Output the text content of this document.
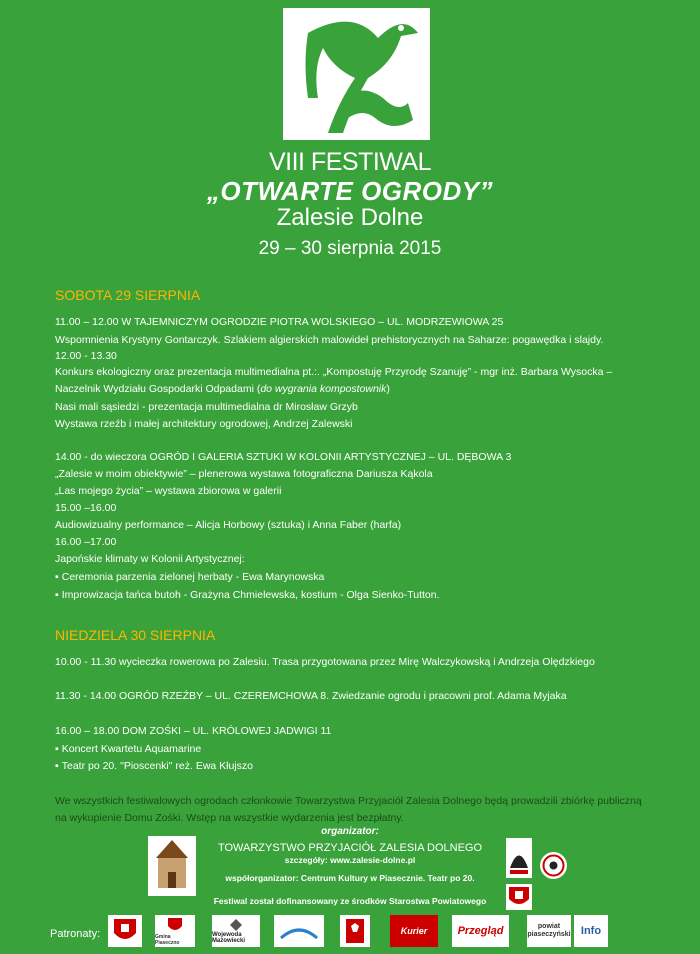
VIII FESTIWAL
„OTWARTE OGRODY”
Zalesie Dolne
29 – 30 sierpnia 2015
SOBOTA 29 SIERPNIA
11.00 – 12.00 W TAJEMNICZYM OGRODZIE PIOTRA WOLSKIEGO – UL. MODRZEWIOWA 25
Wspomnienia Krystyny Gontarczyk. Szlakiem algierskich malowideł prehistorycznych na Saharze: pogawędka i slajdy.
12.00 - 13.30
Konkurs ekologiczny oraz prezentacja multimedialna pt.:. „Kompostuję Przyrodę Szanuję” - mgr inż. Barbara Wysocka –
Naczelnik Wydziału Gospodarki Odpadami (do wygrania kompostownik)
Nasi mali sąsiedzi - prezentacja multimedialna dr Mirosław Grzyb
Wystawa rzeźb i małej architektury ogrodowej, Andrzej Zalewski
14.00 - do wieczora OGRÓD I GALERIA SZTUKI W KOLONII ARTYSTYCZNEJ – UL. DĘBOWA 3
„Zalesie w moim obiektywie” – plenerowa wystawa fotograficzna Dariusza Kąkola
„Las mojego życia” – wystawa zbiorowa w galerii
15.00 –16.00
Audiowizualny performance – Alicja Horbowy (sztuka) i Anna Faber (harfa)
16.00 –17.00
Japońskie klimaty w Kolonii Artystycznej:
▪ Ceremonia parzenia zielonej herbaty - Ewa Marynowska
▪ Improwizacja tańca butoh - Grażyna Chmielewska, kostium - Olga Sienko-Tutton.
NIEDZIELA 30 SIERPNIA
10.00 - 11.30 wycieczka rowerowa po Zalesiu. Trasa przygotowana przez Mirę Walczykowską i Andrzeja Olędzkiego
11.30 - 14.00 OGRÓD RZEŹBY – UL. CZEREMCHOWA 8. Zwiedzanie ogrodu i pracowni prof. Adama Myjaka
16.00 – 18.00 DOM ZOŚKI – UL. KRÓLOWEJ JADWIGI 11
▪ Koncert Kwartetu Aquamarine
▪ Teatr po 20. "Pioscenki" reż. Ewa Kłujszo
We wszystkich festiwalowych ogrodach członkowie Towarzystwa Przyjaciół Zalesia Dolnego będą prowadzili zbiórkę publiczną na wykupienie Domu Zośki. Wstęp na wszystkie wydarzenia jest bezpłatny.
organizator:
TOWARZYSTWO PRZYJACIÓŁ ZALESIA DOLNEGO
szczegóły: www.zalesie-dolne.pl
współorganizator: Centrum Kultury w Piasecznie. Teatr po 20.
Festiwal został dofinansowany ze środków Starostwa Powiatowego
Patronaty:	Gmina Piaseczno
Wojewoda Mazowiecki
Kurier	Przegląd	powiat piaseczyński Info
